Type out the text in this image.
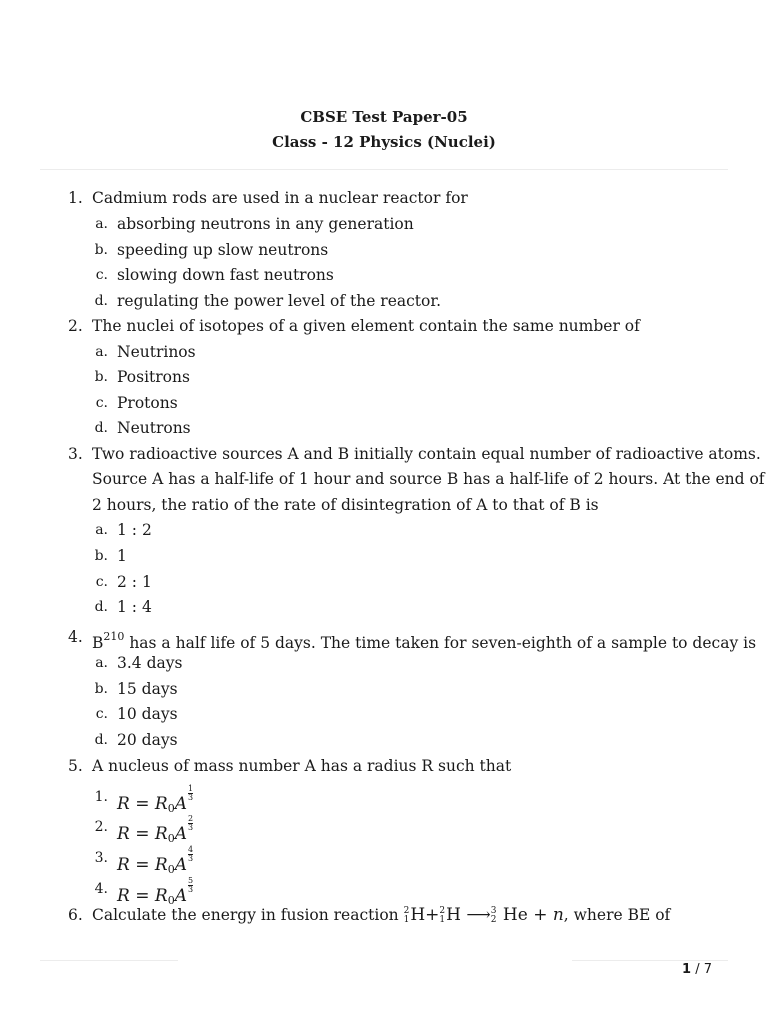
CBSE Test Paper-05
Class - 12 Physics (Nuclei)
1. Cadmium rods are used in a nuclear reactor for
a. absorbing neutrons in any generation
b. speeding up slow neutrons
c. slowing down fast neutrons
d. regulating the power level of the reactor.
2. The nuclei of isotopes of a given element contain the same number of
a. Neutrinos
b. Positrons
c. Protons
d. Neutrons
3. Two radioactive sources A and B initially contain equal number of radioactive atoms.
Source A has a half-life of 1 hour and source B has a half-life of 2 hours. At the end of
2 hours, the ratio of the rate of disintegration of A to that of B is
a. 1 : 2
b. 1
c. 2 : 1
d. 1 : 4
4. $B^{210}$ has a half life of 5 days. The time taken for seven-eighth of a sample to decay is
a. 3.4 days
b. 15 days
c. 10 days
d. 20 days
5. A nucleus of mass number A has a radius R such that
1. R = R0A
$\frac{1}{3}$
2. R = R0A
$\frac{2}{3}$
3. R = R0A
$\frac{4}{3}$
4. R = R0A
$\frac{5}{3}$
6. Calculate the energy in fusion reaction 2
1 H+ 2
1 H ⟶ 3
2 He + n, where BE of
1 / 7
